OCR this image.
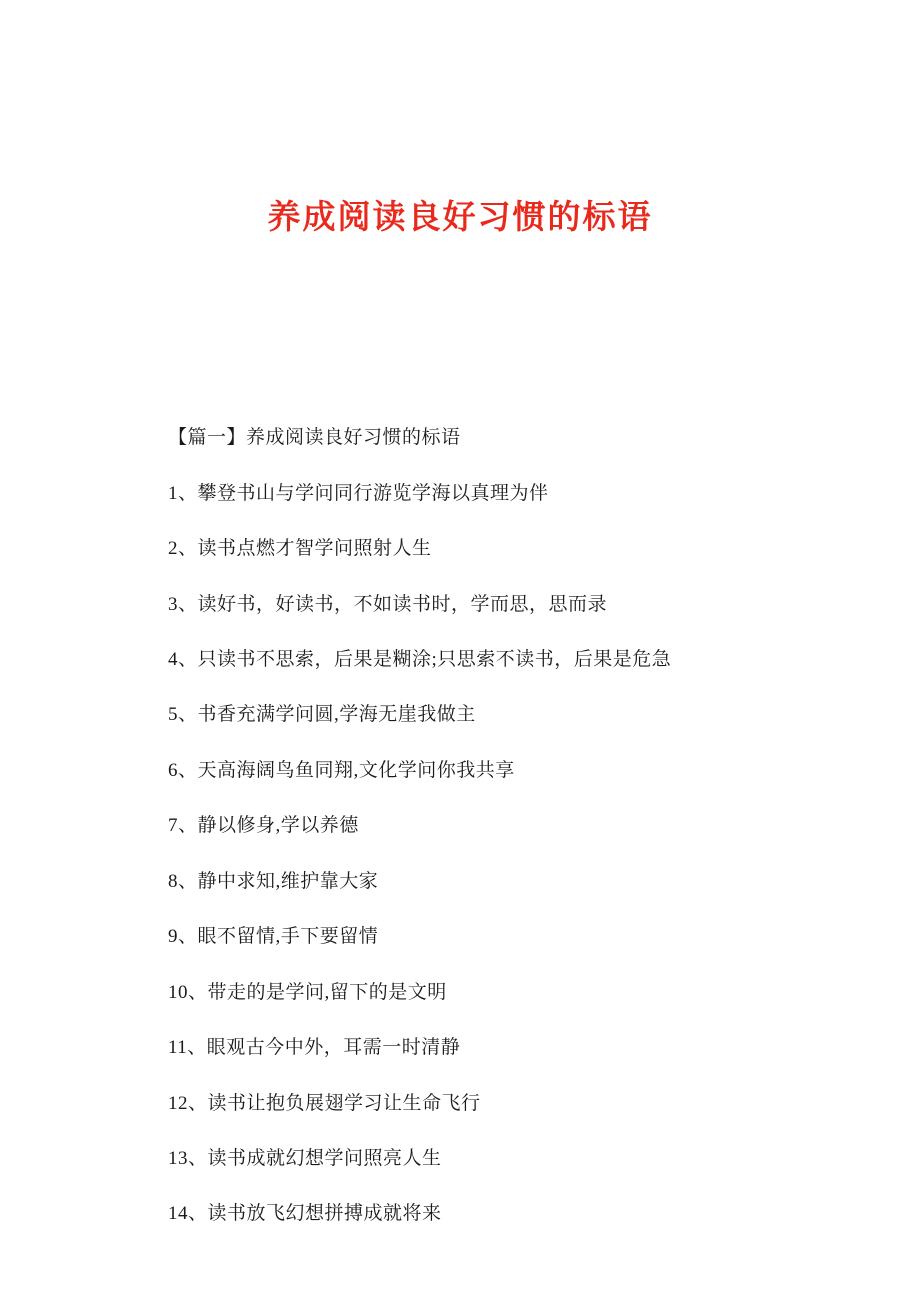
养成阅读良好习惯的标语

【篇一】养成阅读良好习惯的标语

1、攀登书山与学问同行游览学海以真理为伴

2、读书点燃才智学问照射人生

3、读好书，好读书，不如读书时，学而思，思而录

4、只读书不思索，后果是糊涂;只思索不读书，后果是危急

5、书香充满学问圆,学海无崖我做主

6、天高海阔鸟鱼同翔,文化学问你我共享

7、静以修身,学以养德

8、静中求知,维护靠大家

9、眼不留情,手下要留情

10、带走的是学问,留下的是文明

11、眼观古今中外，耳需一时清静

12、读书让抱负展翅学习让生命飞行

13、读书成就幻想学问照亮人生

14、读书放飞幻想拼搏成就将来
